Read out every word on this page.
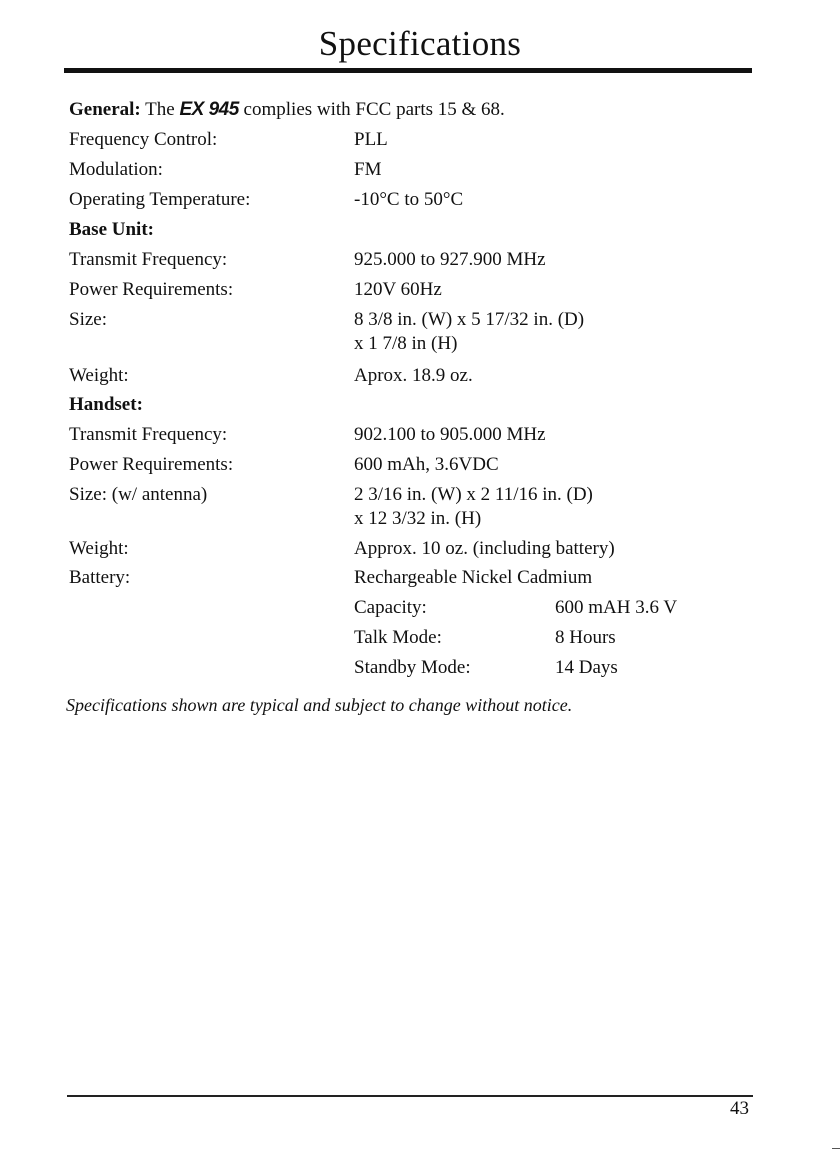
Specifications
General: The EX 945 complies with FCC parts 15 & 68.
Frequency Control:	PLL
Modulation:	FM
Operating Temperature:	-10°C to 50°C
Base Unit:
Transmit Frequency:	925.000 to 927.900 MHz
Power Requirements:	120V 60Hz
Size:	8 3/8 in. (W) x 5 17/32 in. (D)
x 1 7/8 in (H)
Weight:	Aprox. 18.9 oz.
Handset:
Transmit Frequency:	902.100 to 905.000 MHz
Power Requirements:	600 mAh, 3.6VDC
Size: (w/ antenna)	2 3/16 in. (W) x 2 11/16 in. (D)
x 12 3/32 in. (H)
Weight:	Approx. 10 oz. (including battery)
Battery:	Rechargeable Nickel Cadmium
Capacity:	600 mAH 3.6 V
Talk Mode:	8 Hours
Standby Mode:	14 Days
Specifications shown are typical and subject to change without notice.
43
